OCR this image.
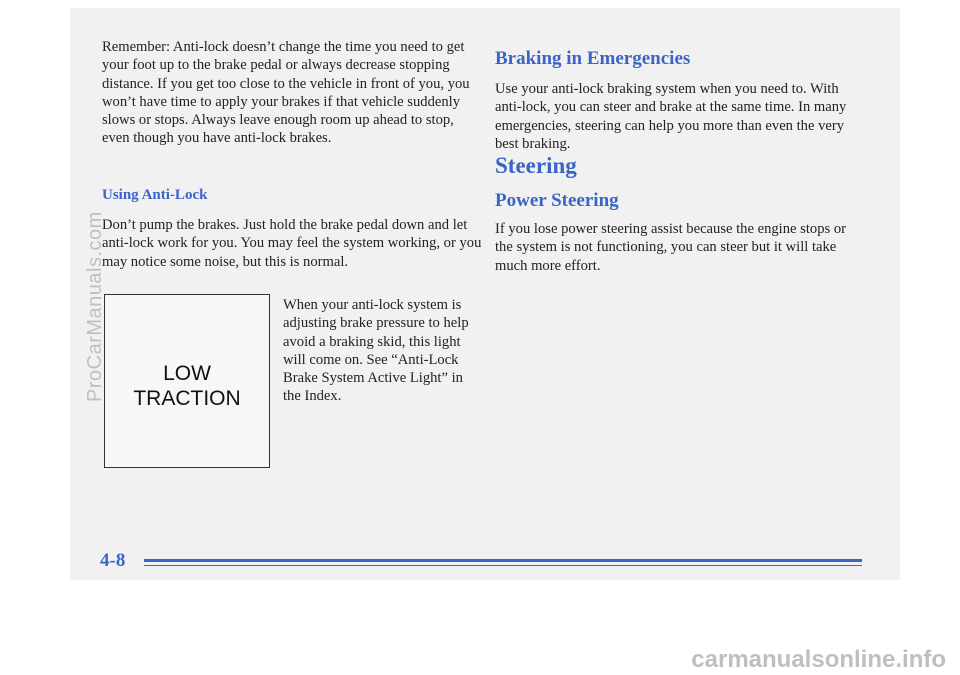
Remember: Anti-lock doesn’t change the time you need to get your foot up to the brake pedal or always decrease stopping distance. If you get too close to the vehicle in front of you, you won’t have time to apply your brakes if that vehicle suddenly slows or stops. Always leave enough room up ahead to stop, even though you have anti-lock brakes.

Using Anti-Lock

Don’t pump the brakes. Just hold the brake pedal down and let anti-lock work for you. You may feel the system working, or you may notice some noise, but this is normal.

LOW
TRACTION

When your anti-lock system is adjusting brake pressure to help avoid a braking skid, this light will come on. See “Anti-Lock Brake System Active Light” in the Index.

Braking in Emergencies

Use your anti-lock braking system when you need to. With anti-lock, you can steer and brake at the same time. In many emergencies, steering can help you more than even the very best braking.

Steering
Power Steering

If you lose power steering assist because the engine stops or the system is not functioning, you can steer but it will take much more effort.

4-8
ProCarManuals.com
carmanualsonline.info
